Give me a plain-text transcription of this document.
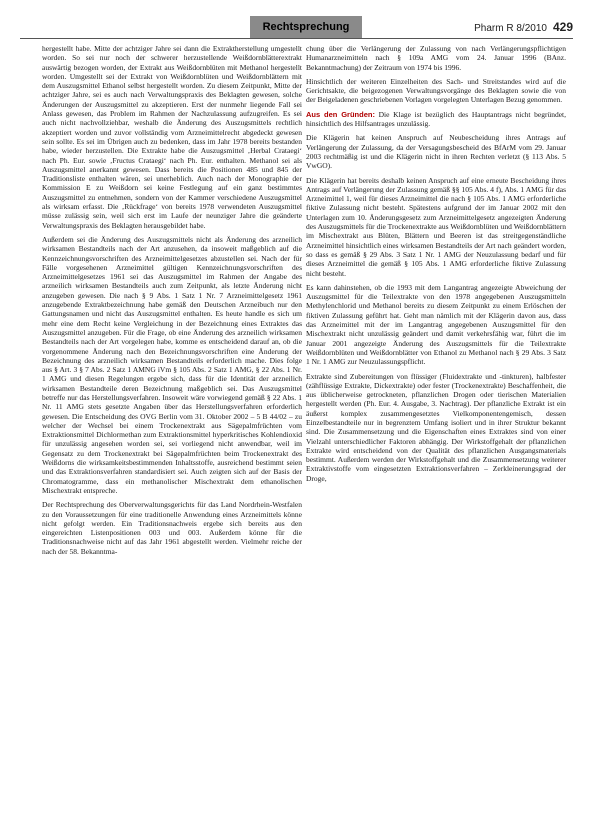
Rechtsprechung	Pharm R 8/2010 429

hergestellt habe. Mitte der achtziger Jahre sei dann die Extraktherstellung umgestellt worden. So sei nur noch der schwerer herzustellende Weißdornblätterextrakt auswärtig bezogen worden, der Extrakt aus Weißdornblüten mit Methanol hergestellt worden. Umgestellt sei der Extrakt von Weißdornblüten und Weißdornblättern mit dem Auszugsmittel Ethanol selbst hergestellt worden. Zu diesem Zeitpunkt, Mitte der achtziger Jahre, sei es auch nach Verwaltungspraxis des Beklagten gewesen, solche Änderungen der Auszugsmittel zu akzeptieren. Erst der nunmehr liegende Fall sei Anlass gewesen, das Problem im Rahmen der Nachzulassung aufzugreifen. Es sei auch nicht nachvollziehbar, weshalb die Änderung des Auszugsmittels rechtlich akzeptiert worden und zuvor vollständig vom Arzneimittelrecht abgedeckt gewesen sein sollte. Es sei im Übrigen auch zu bedenken, dass im Jahr 1978 bereits bestanden habe, wieder herzustellen. Die Extrakte habe die Auszugsmittel ‚Herbal Crataegi‘ nach Ph. Eur. sowie ‚Fructus Crataegi‘ nach Ph. Eur. enthalten. Methanol sei als Auszugsmittel anerkannt gewesen. Dass bereits die Positionen 485 und 845 der Traditionsliste enthalten wären, sei unerheblich. Auch nach der Monographie der Kommission E zu Weißdorn sei keine Festlegung auf ein ganz bestimmtes Auszugsmittel zu entnehmen, sondern von der Kammer verschiedene Auszugsmittel als wirksam erfasst. Die ‚Rückfrage‘ von bereits 1978 verwendeten Auszugsmittel müsse zulässig sein, weil sich erst im Laufe der neunziger Jahre die geänderte Verwaltungspraxis des Beklagten herausgebildet habe.

Außerdem sei die Änderung des Auszugsmittels nicht als Änderung des arzneilich wirksamen Bestandteils nach der Art anzusehen, da insoweit maßgeblich auf die Kennzeichnungsvorschriften des Arzneimittelgesetzes abzustellen sei. Nach der für Fälle vorgesehenen Arzneimittel gültigen Kennzeichnungsvorschriften des Arzneimittelgesetzes 1961 sei das Auszugsmittel im Rahmen der Angabe des arzneilich wirksamen Bestandteils auch zum Zeitpunkt, als letzte Änderung nicht anzugeben gewesen. Die nach § 9 Abs. 1 Satz 1 Nr. 7 Arzneimittelgesetz 1961 anzugebende Extraktbezeichnung habe gemäß den Deutschen Arzneibuch nur den Gattungsnamen und nicht das Auszugsmittel enthalten. Es heute handle es sich um mehr eine dem Recht keine Vergleichung in der Bezeichnung eines Extraktes das Auszugsmittel anzugeben. Für die Frage, ob eine Änderung des arzneilich wirksamen Bestandteils nach der Art vorgelegen habe, komme es entscheidend darauf an, ob die vorgenommene Änderung nach den Bezeichnungsvorschriften eine Änderung der Bezeichnung des arzneilich wirksamen Bestandteils erforderlich mache. Dies folge aus § Art. 3 § 7 Abs. 2 Satz 1 AMNG iVm § 105 Abs. 2 Satz 1 AMG, § 22 Abs. 1 Nr. 1 AMG und diesen Regelungen ergebe sich, dass für die Identität der arzneilich wirksamen Bestandteile deren Bezeichnung maßgeblich sei. Das Auszugsmittel betreffe nur das Herstellungsverfahren. Insoweit wäre vorwiegend gemäß § 22 Abs. 1 Nr. 11 AMG stets gesetzte Angaben über das Herstellungsverfahren erforderlich gewesen. Die Entscheidung des OVG Berlin vom 31. Oktober 2002 – 5 B 44/02 – zu welcher der Wechsel bei einem Trockenextrakt aus Sägepalmfrüchten vom Extraktionsmittel Dichlormethan zum Extraktionsmittel hyperkritisches Kohlendioxid für unzulässig angesehen worden sei, sei vorliegend nicht anwendbar, weil im Gegensatz zu dem Trockenextrakt bei Sägepalmfrüchten beim Trockenextrakt des Weißdorns die wirksamkeitsbestimmenden Inhaltsstoffe, ausreichend bestimmt seien und das Extraktionsverfahren standardisiert sei. Auch zeigten sich auf der Basis der Chromatogramme, dass ein methanolischer Mischextrakt dem ethanolischen Mischextrakt entspreche.

Der Rechtsprechung des Oberverwaltungsgerichts für das Land Nordrhein-Westfalen zu den Voraussetzungen für eine traditionelle Anwendung eines Arzneimittels könne nicht gefolgt werden. Ein Traditionsnachweis ergebe sich bereits aus den eingereichten Listenpositionen 003 und 003. Außerdem könne für die Traditionsnachweise nicht auf das Jahr 1961 abgestellt werden. Vielmehr reiche der nach der 58. Bekanntma-

chung über die Verlängerung der Zulassung von nach Verlängerungspflichtigen Humanarzneimitteln nach § 109a AMG vom 24. Januar 1996 (BAnz. Bekanntmachung) der Zeitraum von 1974 bis 1996.

Hinsichtlich der weiteren Einzelheiten des Sach- und Streitstandes wird auf die Gerichtsakte, die beigezogenen Verwaltungsvorgänge des Beklagten sowie die von der Beigeladenen geschriebenen Vorlagen vorgelegten Unterlagen Bezug genommen.

Aus den Gründen: Die Klage ist bezüglich des Hauptantrags nicht begründet, hinsichtlich des Hilfsantrages unzulässig.

Die Klägerin hat keinen Anspruch auf Neubescheidung ihres Antrags auf Verlängerung der Zulassung, da der Versagungsbescheid des BfArM vom 29. Januar 2003 rechtmäßig ist und die Klägerin nicht in ihren Rechten verletzt (§ 113 Abs. 5 VwGO).

Die Klägerin hat bereits deshalb keinen Anspruch auf eine erneute Bescheidung ihres Antrags auf Verlängerung der Zulassung gemäß §§ 105 Abs. 4 f), Abs. 1 AMG für das Arzneimittel 1, weil für dieses Arzneimittel die nach § 105 Abs. 1 AMG erforderliche fiktive Zulassung nicht besteht. Spätestens aufgrund der im Januar 2002 mit den Unterlagen zum 10. Änderungsgesetz zum Arzneimittelgesetz angezeigten Änderung des Auszugsmittels für die Trockenextrakte aus Weißdornblüten und Weißdornblättern im Mischextrakt aus Blüten, Blättern und Beeren ist das streitgegenständliche Arzneimittel hinsichtlich eines wirksamen Bestandteils der Art nach geändert worden, so dass es gemäß § 29 Abs. 3 Satz 1 Nr. 1 AMG der Neuzulassung bedarf und für dieses Arzneimittel die gemäß § 105 Abs. 1 AMG erforderliche fiktive Zulassung nicht besteht.

Es kann dahinstehen, ob die 1993 mit dem Langantrag angezeigte Abweichung der Auszugsmittel für die Teilextrakte von den 1978 angegebenen Auszugsmitteln Methylenchlorid und Methanol bereits zu diesem Zeitpunkt zu einem Erlöschen der fiktiven Zulassung geführt hat. Geht man nämlich mit der Klägerin davon aus, dass das Arzneimittel mit der im Langantrag angegebenen Auszugsmittel für den Mischextrakt nicht unzulässig geändert und damit verkehrsfähig war, führt die im Januar 2001 angezeigte Änderung des Auszugsmittels für die Teilextrakte Weißdornblüten und Weißdornblätter von Ethanol zu Methanol nach § 29 Abs. 3 Satz 1 Nr. 1 AMG zur Neuzulassungspflicht.

Extrakte sind Zubereitungen von flüssiger (Fluidextrakte und -tinkturen), halbfester (zähflüssige Extrakte, Dickextrakte) oder fester (Trockenextrakte) Beschaffenheit, die aus üblicherweise getrockneten, pflanzlichen Drogen oder tierischen Materialien hergestellt werden (Ph. Eur. 4. Ausgabe, 3. Nachtrag). Der pflanzliche Extrakt ist ein äußerst komplex zusammengesetztes Vielkomponentengemisch, dessen Einzelbestandteile nur in begrenztem Umfang isoliert und in ihrer Struktur bekannt sind. Die Zusammensetzung und die Eigenschaften eines Extraktes sind von einer Vielzahl unterschiedlicher Faktoren abhängig. Der Wirkstoffgehalt der pflanzlichen Extrakte wird entscheidend von der Qualität des pflanzlichen Ausgangsmaterials bestimmt. Außerdem werden der Wirkstoffgehalt und die Zusammensetzung weiterer Extraktivstoffe vom eingesetzten Extraktionsverfahren – Zerkleinerungsgrad der Droge,
